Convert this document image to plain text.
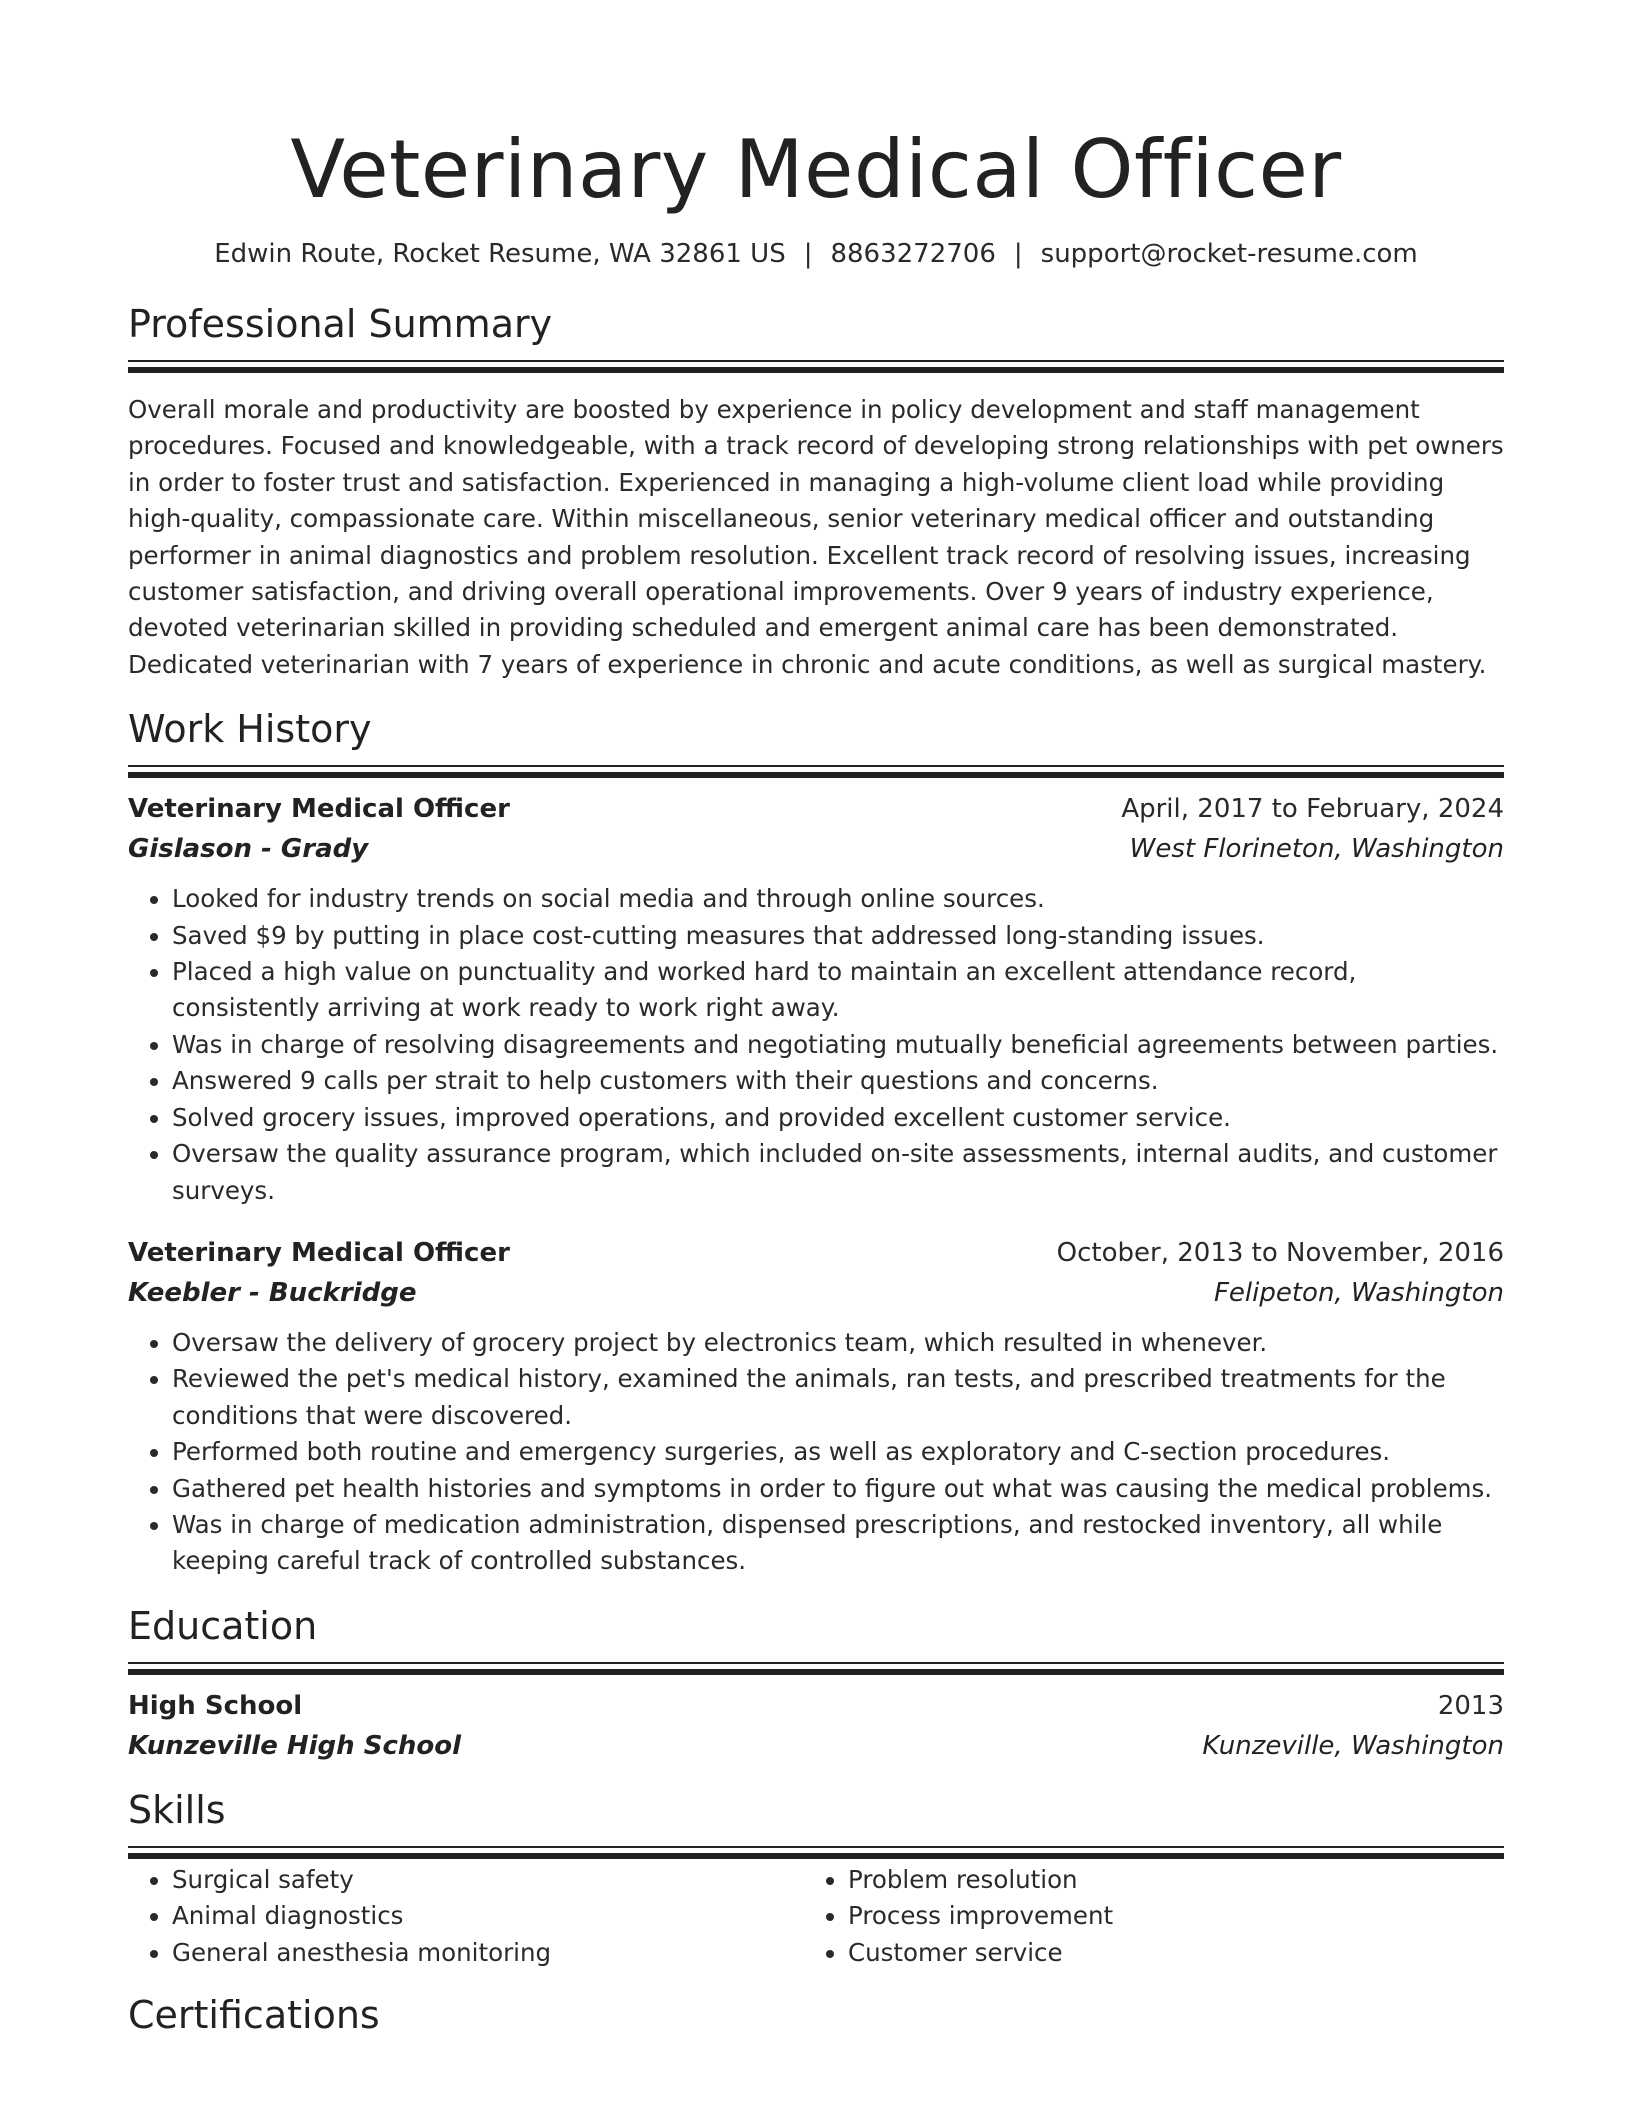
Veterinary Medical Officer
Edwin Route, Rocket Resume, WA 32861 US | 8863272706 | support@rocket-resume.com
Professional Summary
Overall morale and productivity are boosted by experience in policy development and staff management procedures. Focused and knowledgeable, with a track record of developing strong relationships with pet owners in order to foster trust and satisfaction. Experienced in managing a high-volume client load while providing high-quality, compassionate care. Within miscellaneous, senior veterinary medical officer and outstanding performer in animal diagnostics and problem resolution. Excellent track record of resolving issues, increasing customer satisfaction, and driving overall operational improvements. Over 9 years of industry experience, devoted veterinarian skilled in providing scheduled and emergent animal care has been demonstrated. Dedicated veterinarian with 7 years of experience in chronic and acute conditions, as well as surgical mastery.
Work History
Veterinary Medical Officer	April, 2017 to February, 2024
Gislason - Grady	West Florineton, Washington
• Looked for industry trends on social media and through online sources.
• Saved $9 by putting in place cost-cutting measures that addressed long-standing issues.
• Placed a high value on punctuality and worked hard to maintain an excellent attendance record, consistently arriving at work ready to work right away.
• Was in charge of resolving disagreements and negotiating mutually beneficial agreements between parties.
• Answered 9 calls per strait to help customers with their questions and concerns.
• Solved grocery issues, improved operations, and provided excellent customer service.
• Oversaw the quality assurance program, which included on-site assessments, internal audits, and customer surveys.
Veterinary Medical Officer	October, 2013 to November, 2016
Keebler - Buckridge	Felipeton, Washington
• Oversaw the delivery of grocery project by electronics team, which resulted in whenever.
• Reviewed the pet's medical history, examined the animals, ran tests, and prescribed treatments for the conditions that were discovered.
• Performed both routine and emergency surgeries, as well as exploratory and C-section procedures.
• Gathered pet health histories and symptoms in order to figure out what was causing the medical problems.
• Was in charge of medication administration, dispensed prescriptions, and restocked inventory, all while keeping careful track of controlled substances.
Education
High School	2013
Kunzeville High School	Kunzeville, Washington
Skills
• Surgical safety
• Animal diagnostics
• General anesthesia monitoring
• Problem resolution
• Process improvement
• Customer service
Certifications
